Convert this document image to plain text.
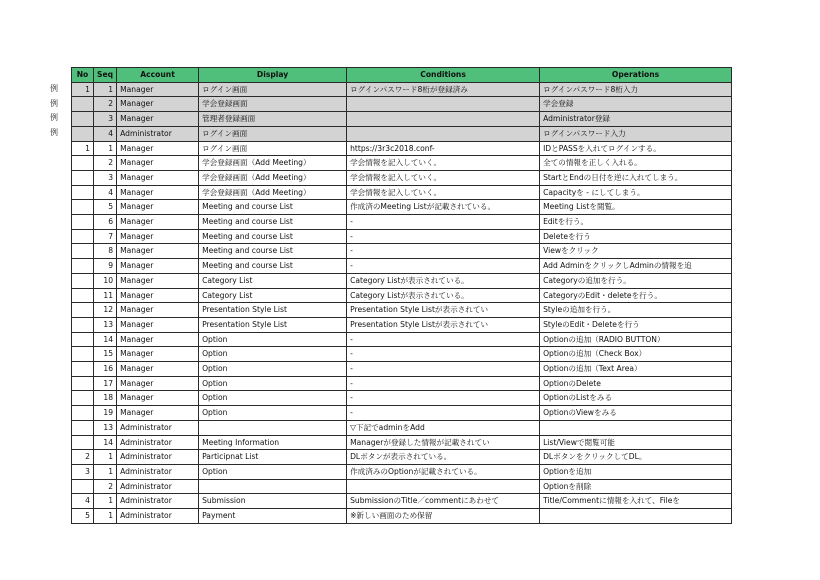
例
例
例
例
No	Seq	Account	Display	Conditions	Operations
1	1	Manager	ログイン画面	ログインパスワード8桁が登録済み	ログインパスワード8桁入力
	2	Manager	学会登録画面		学会登録
	3	Manager	管理者登録画面		Administrator登録
	4	Administrator	ログイン画面		ログインパスワード入力
1	1	Manager	ログイン画面	https://3r3c2018.conf-	IDとPASSを入れてログインする。
	2	Manager	学会登録画面（Add Meeting）	学会情報を記入していく。	全ての情報を正しく入れる。
	3	Manager	学会登録画面（Add Meeting）	学会情報を記入していく。	StartとEndの日付を逆に入れてしまう。
	4	Manager	学会登録画面（Add Meeting）	学会情報を記入していく。	Capacityを - にしてしまう。
	5	Manager	Meeting and course List	作成済のMeeting Listが記載されている。	Meeting Listを閲覧。
	6	Manager	Meeting and course List	-	Editを行う。
	7	Manager	Meeting and course List	-	Deleteを行う
	8	Manager	Meeting and course List	-	Viewをクリック
	9	Manager	Meeting and course List	-	Add AdminをクリックしAdminの情報を追
	10	Manager	Category List	Category Listが表示されている。	Categoryの追加を行う。
	11	Manager	Category List	Category Listが表示されている。	CategoryのEdit・deleteを行う。
	12	Manager	Presentation Style List	Presentation Style Listが表示されてい	Styleの追加を行う。
	13	Manager	Presentation Style List	Presentation Style Listが表示されてい	StyleのEdit・Deleteを行う
	14	Manager	Option	-	Optionの追加（RADIO BUTTON）
	15	Manager	Option	-	Optionの追加（Check Box）
	16	Manager	Option	-	Optionの追加（Text Area）
	17	Manager	Option	-	OptionのDelete
	18	Manager	Option	-	OptionのListをみる
	19	Manager	Option	-	OptionのViewをみる
	13	Administrator		▽下記でadminをAdd	
	14	Administrator	Meeting Information	Managerが登録した情報が記載されてい	List/Viewで閲覧可能
2	1	Administrator	Participnat List	DLボタンが表示されている。	DLボタンをクリックしてDL。
3	1	Administrator	Option	作成済みのOptionが記載されている。	Optionを追加
	2	Administrator			Optionを削除
4	1	Administrator	Submission	SubmissionのTitle／commentにあわせて	Title/Commentに情報を入れて、Fileを
5	1	Administrator	Payment	※新しい画面のため保留	
